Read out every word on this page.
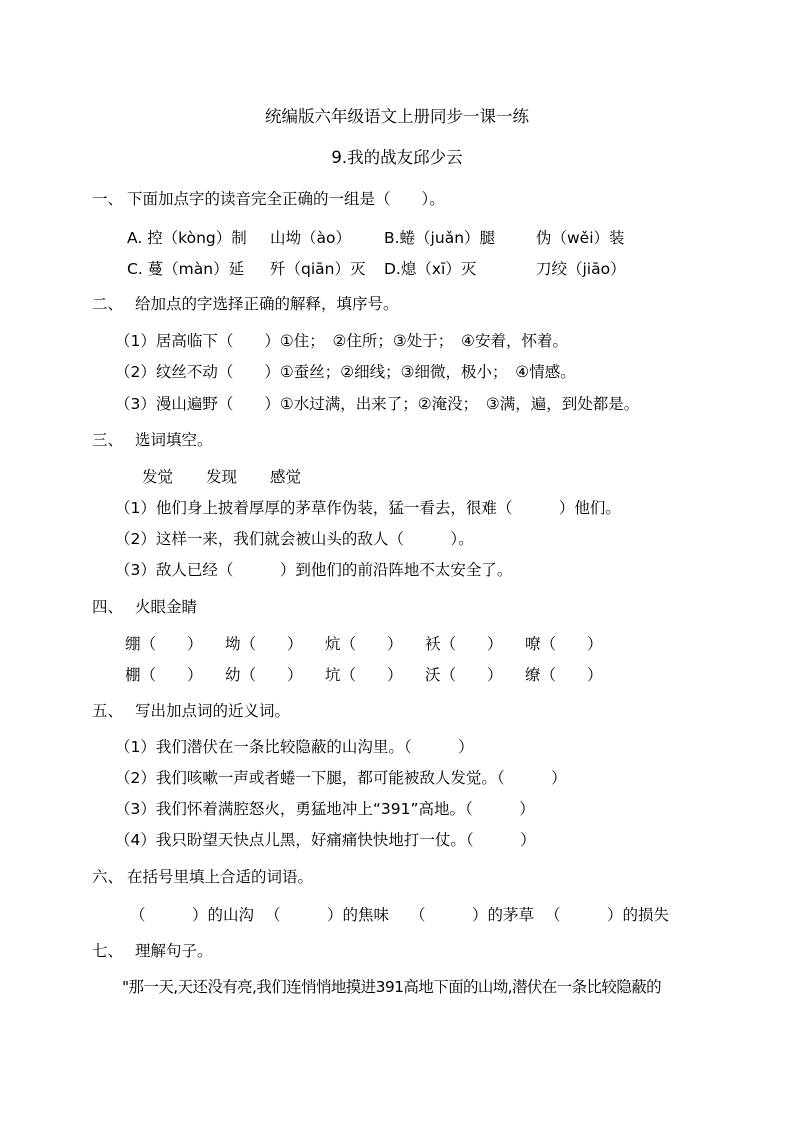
统编版六年级语文上册同步一课一练
9.我的战友邱少云
一、 下面加点字的读音完全正确的一组是（　　）。
A. 控（kòng）制 山坳（ào） B.蜷（juǎn）腿	伪（wěi）装
C. 蔓（màn）延 歼（qiān）灭 D.熄（xī）灭	刀绞（jiāo）
二、 给加点的字选择正确的解释，填序号。
（1）居高临下（　　）①住；　②住所；③处于；　④安着，怀着。
（2）纹丝不动（　　）①蚕丝；②细线；③细微，极小；　④情感。
（3）漫山遍野（　　）①水过满，出来了；②淹没；　③满，遍，到处都是。
三、 选词填空。
发觉 发现 感觉
（1）他们身上披着厚厚的茅草作伪装，猛一看去，很难（　　　）他们。
（2）这样一来，我们就会被山头的敌人（　　　）。
（3）敌人已经（　　　）到他们的前沿阵地不太安全了。
四、 火眼金睛
绷（　　） 坳（　　） 炕（　　） 袄（　　） 嘹（　　）
棚（　　） 幼（　　） 坑（　　） 沃（　　） 缭（　　）
五、 写出加点词的近义词。
（1）我们潜伏在一条比较隐蔽的山沟里。（　　　）
（2）我们咳嗽一声或者蜷一下腿，都可能被敌人发觉。（　　　）
（3）我们怀着满腔怒火，勇猛地冲上“391”高地。（　　　）
（4）我只盼望天快点儿黑，好痛痛快快地打一仗。（　　　）
六、 在括号里填上合适的词语。
（　　　）的山沟 （　　　）的焦味 （　　　）的茅草 （　　　）的损失
七、 理解句子。
"那一天,天还没有亮,我们连悄悄地摸进391高地下面的山坳,潜伏在一条比较隐蔽的
